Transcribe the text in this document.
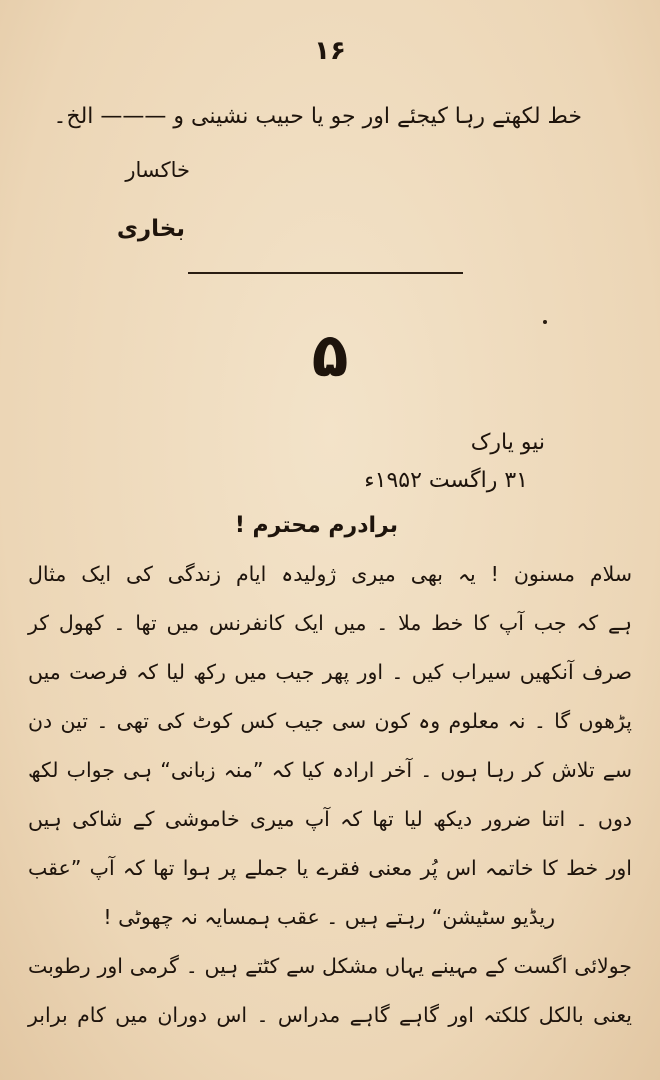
۱۶
خط لکھتے رہا کیجئے اور جو یا حبیب نشینی و ——— الخ۔
خاکسار
بخاری
۵
نیو یارک
۳۱ راگست ۱۹۵۲ء
برادرم محترم !
سلام مسنون ! یہ بھی میری ژولیدہ ایام زندگی کی ایک مثال
ہے کہ جب آپ کا خط ملا ۔ میں ایک کانفرنس میں تھا ۔ کھول کر
صرف آنکھیں سیراب کیں ۔ اور پھر جیب میں رکھ لیا کہ فرصت میں
پڑھوں گا ۔ نہ معلوم وہ کون سی جیب کس کوٹ کی تھی ۔ تین دن
سے تلاش کر رہا ہوں ۔ آخر ارادہ کیا کہ ”منہ زبانی“ ہی جواب لکھ
دوں ۔ اتنا ضرور دیکھ لیا تھا کہ آپ میری خاموشی کے شاکی ہیں
اور خط کا خاتمہ اس پُر معنی فقرے یا جملے پر ہوا تھا کہ آپ ”عقب
ریڈیو سٹیشن“ رہتے ہیں ۔ عقب ہمسایہ نہ چھوٹی !
جولائی اگست کے مہینے یہاں مشکل سے کٹتے ہیں ۔ گرمی اور رطوبت
یعنی بالکل کلکتہ اور گاہے گاہے مدراس ۔ اس دوران میں کام برابر
